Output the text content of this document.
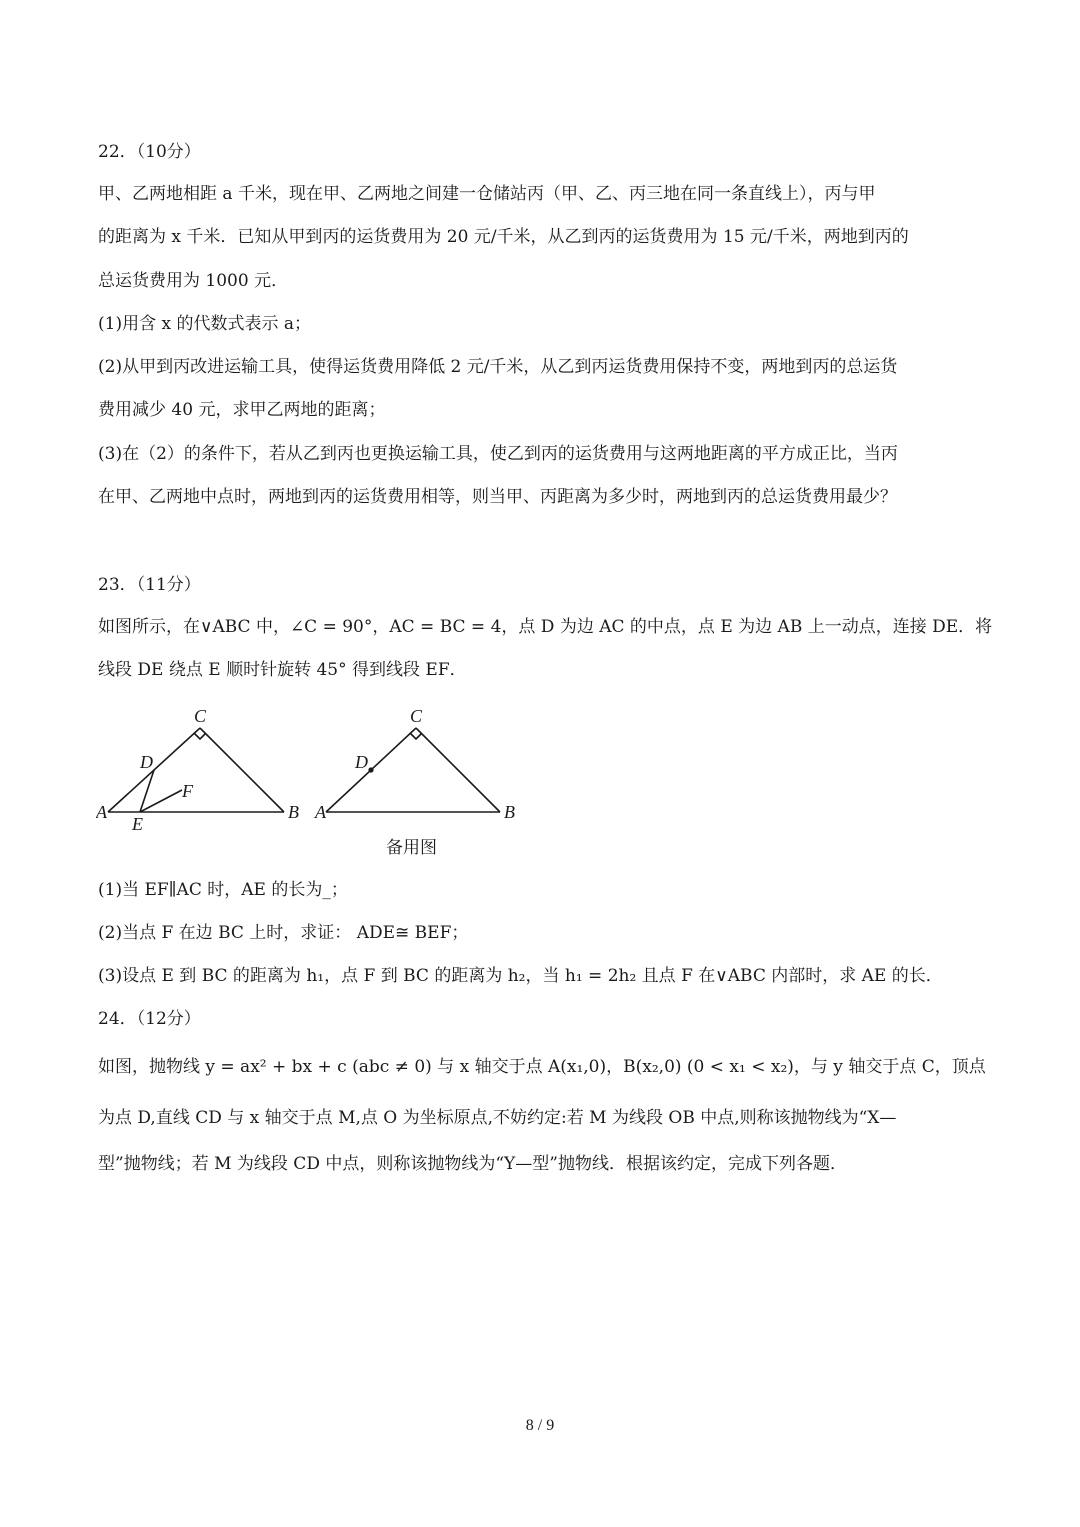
22．（10分）
甲、乙两地相距 a 千米，现在甲、乙两地之间建一仓储站丙（甲、乙、丙三地在同一条直线上），丙与甲
的距离为 x 千米．已知从甲到丙的运货费用为 20 元/千米，从乙到丙的运货费用为 15 元/千米，两地到丙的
总运货费用为 1000 元．
(1)用含 x 的代数式表示 a；
(2)从甲到丙改进运输工具，使得运货费用降低 2 元/千米，从乙到丙运货费用保持不变，两地到丙的总运货
费用减少 40 元，求甲乙两地的距离；
(3)在（2）的条件下，若从乙到丙也更换运输工具，使乙到丙的运货费用与这两地距离的平方成正比，当丙
在甲、乙两地中点时，两地到丙的运货费用相等，则当甲、丙距离为多少时，两地到丙的总运货费用最少？
23．（11分）
如图所示，在∨ABC 中，∠C = 90°，AC = BC = 4，点 D 为边 AC 的中点，点 E 为边 AB 上一动点，连接 DE．将
线段 DE 绕点 E 顺时针旋转 45° 得到线段 EF．
C
D
F
A
E
B
C
D
A	B
备用图
(1)当 EF∥AC 时，AE 的长为_；
(2)当点 F 在边 BC 上时，求证： ADE≅ BEF；
(3)设点 E 到 BC 的距离为 h₁，点 F 到 BC 的距离为 h₂，当 h₁ = 2h₂ 且点 F 在∨ABC 内部时，求 AE 的长．
24．（12分）
如图，抛物线 y = ax² + bx + c (abc ≠ 0) 与 x 轴交于点 A(x₁,0)，B(x₂,0) (0 < x₁ < x₂)，与 y 轴交于点 C，顶点
为点 D,直线 CD 与 x 轴交于点 M,点 O 为坐标原点,不妨约定:若 M 为线段 OB 中点,则称该抛物线为“X—
型”抛物线；若 M 为线段 CD 中点，则称该抛物线为“Y—型”抛物线．根据该约定，完成下列各题．
8 / 9
